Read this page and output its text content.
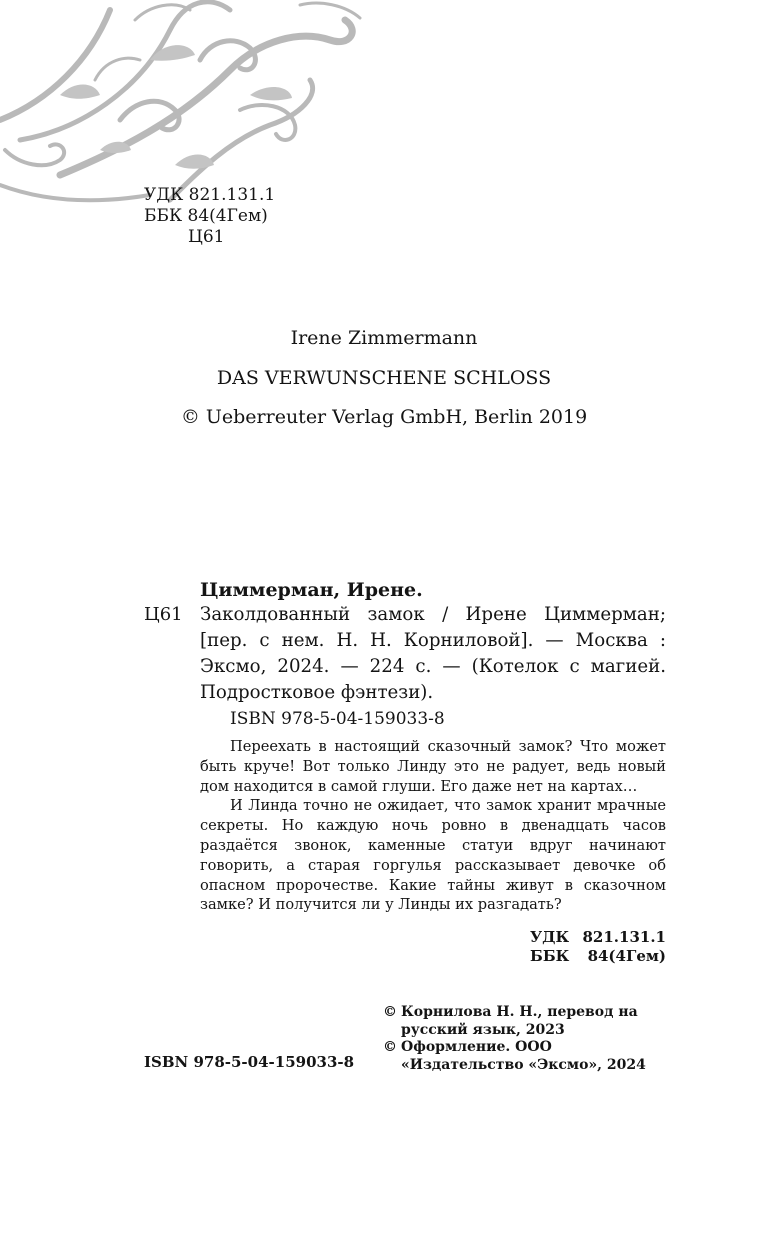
УДК 821.131.1
ББК 84(4Гем)
Ц61
Irene Zimmermann
DAS VERWUNSCHENE SCHLOSS
© Ueberreuter Verlag GmbH, Berlin 2019
Циммерман, Ирене.
Ц61 Заколдованный замок / Ирене Циммерман; [пер. с нем. Н. Н. Корниловой]. — Москва : Эксмо, 2024. — 224 с. — (Котелок с магией. Подростковое фэнтези).
ISBN 978-5-04-159033-8

Переехать в настоящий сказочный замок? Что может быть круче! Вот только Линду это не радует, ведь новый дом находится в самой глуши. Его даже нет на картах…

И Линда точно не ожидает, что замок хранит мрачные секреты. Но каждую ночь ровно в двенадцать часов раздаётся звонок, каменные статуи вдруг начинают говорить, а старая горгулья рассказывает девочке об опасном пророчестве. Какие тайны живут в сказочном замке? И получится ли у Линды их разгадать?

УДК 821.131.1
ББК 84(4Гем)
ISBN 978-5-04-159033-8
© Корнилова Н. Н., перевод на русский язык, 2023
© Оформление. ООО «Издательство «Эксмо», 2024
